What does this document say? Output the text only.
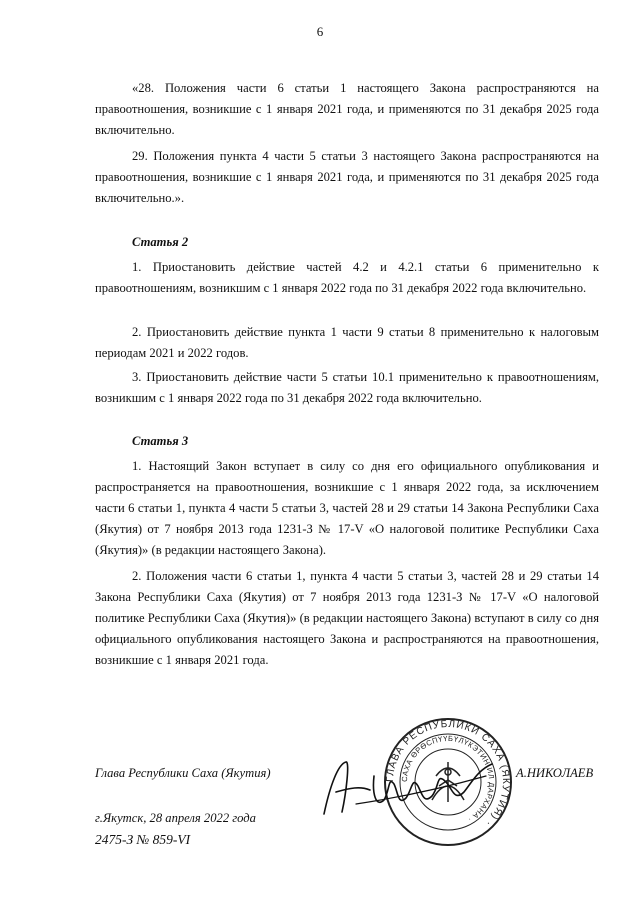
6

«28. Положения части 6 статьи 1 настоящего Закона распространяются на правоотношения, возникшие с 1 января 2021 года, и применяются по 31 декабря 2025 года включительно.

29. Положения пункта 4 части 5 статьи 3 настоящего Закона распространяются на правоотношения, возникшие с 1 января 2021 года, и применяются по 31 декабря 2025 года включительно.».

Статья 2

1. Приостановить действие частей 4.2 и 4.2.1 статьи 6 применительно к правоотношениям, возникшим с 1 января 2022 года по 31 декабря 2022 года включительно.

2. Приостановить действие пункта 1 части 9 статьи 8 применительно к налоговым периодам 2021 и 2022 годов.

3. Приостановить действие части 5 статьи 10.1 применительно к правоотношениям, возникшим с 1 января 2022 года по 31 декабря 2022 года включительно.

Статья 3

1. Настоящий Закон вступает в силу со дня его официального опубликования и распространяется на правоотношения, возникшие с 1 января 2022 года, за исключением части 6 статьи 1, пункта 4 части 5 статьи 3, частей 28 и 29 статьи 14 Закона Республики Саха (Якутия) от 7 ноября 2013 года 1231-З № 17-V «О налоговой политике Республики Саха (Якутия)» (в редакции настоящего Закона).

2. Положения части 6 статьи 1, пункта 4 части 5 статьи 3, частей 28 и 29 статьи 14 Закона Республики Саха (Якутия) от 7 ноября 2013 года 1231-З № 17-V «О налоговой политике Республики Саха (Якутия)» (в редакции настоящего Закона) вступают в силу со дня официального опубликования настоящего Закона и распространяются на правоотношения, возникшие с 1 января 2021 года.

Глава Республики Саха (Якутия)	ГЛАВА РЕСПУБЛИКИ САХА (ЯКУТИЯ) ·
САХА ӨРӨСПҮҮБҮЛҮКЭТИН ИЛ ДАРХАНА ·
А.НИКОЛАЕВ
г.Якутск, 28 апреля 2022 года
2475-З № 859-VI
